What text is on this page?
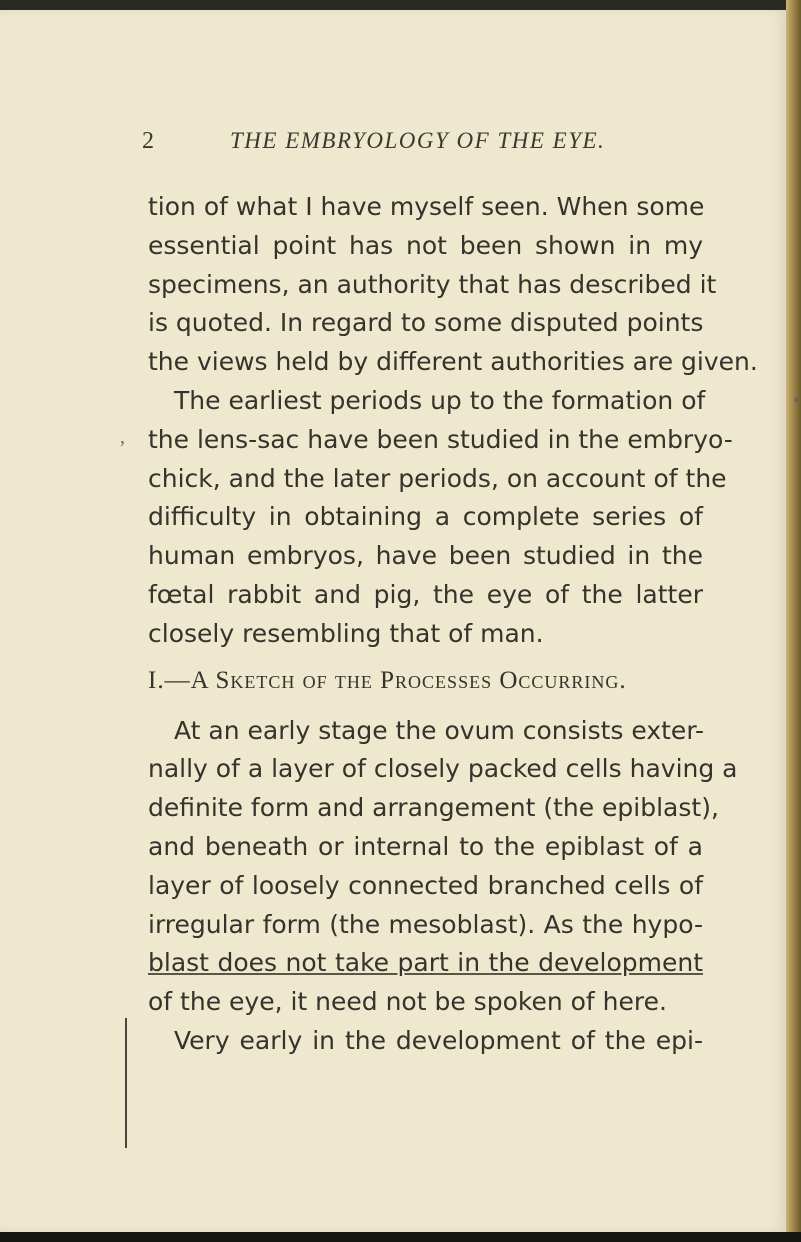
2	THE EMBRYOLOGY OF THE EYE.
•
,
tion of what I have myself seen. When some
essential point has not been shown in my
specimens, an authority that has described it
is quoted. In regard to some disputed points
the views held by different authorities are given.
The earliest periods up to the formation of
the lens-sac have been studied in the embryo-
chick, and the later periods, on account of the
difficulty in obtaining a complete series of
human embryos, have been studied in the
fœtal rabbit and pig, the eye of the latter
closely resembling that of man.
I.—A Sketch of the Processes Occurring.
At an early stage the ovum consists exter-
nally of a layer of closely packed cells having a
definite form and arrangement (the epiblast),
and beneath or internal to the epiblast of a
layer of loosely connected branched cells of
irregular form (the mesoblast). As the hypo-
blast does not take part in the development
of the eye, it need not be spoken of here.
Very early in the development of the epi-
